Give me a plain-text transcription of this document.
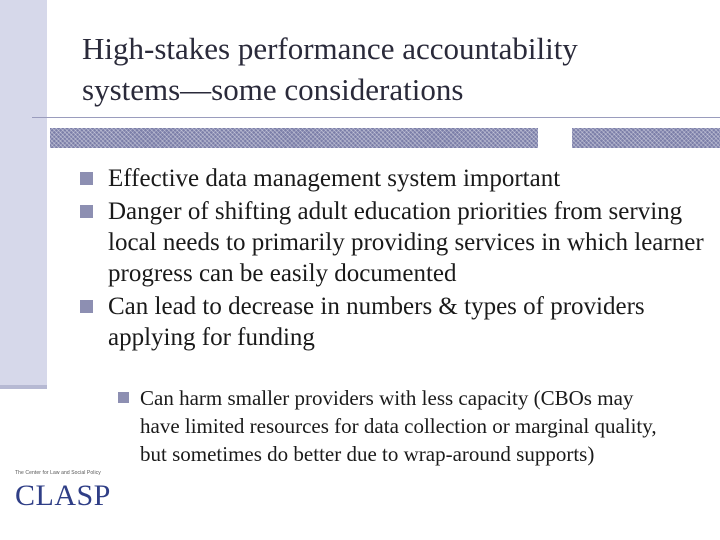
High-stakes performance accountability
systems—some considerations
Effective data management system important
Danger of shifting adult education priorities from serving local needs to primarily providing services in which learner progress can be easily documented
Can lead to decrease in numbers & types of providers applying for funding
Can harm smaller providers with less capacity (CBOs may have limited resources for data collection or marginal quality, but sometimes do better due to wrap-around supports)
The Center for Law and Social Policy
CLASP
